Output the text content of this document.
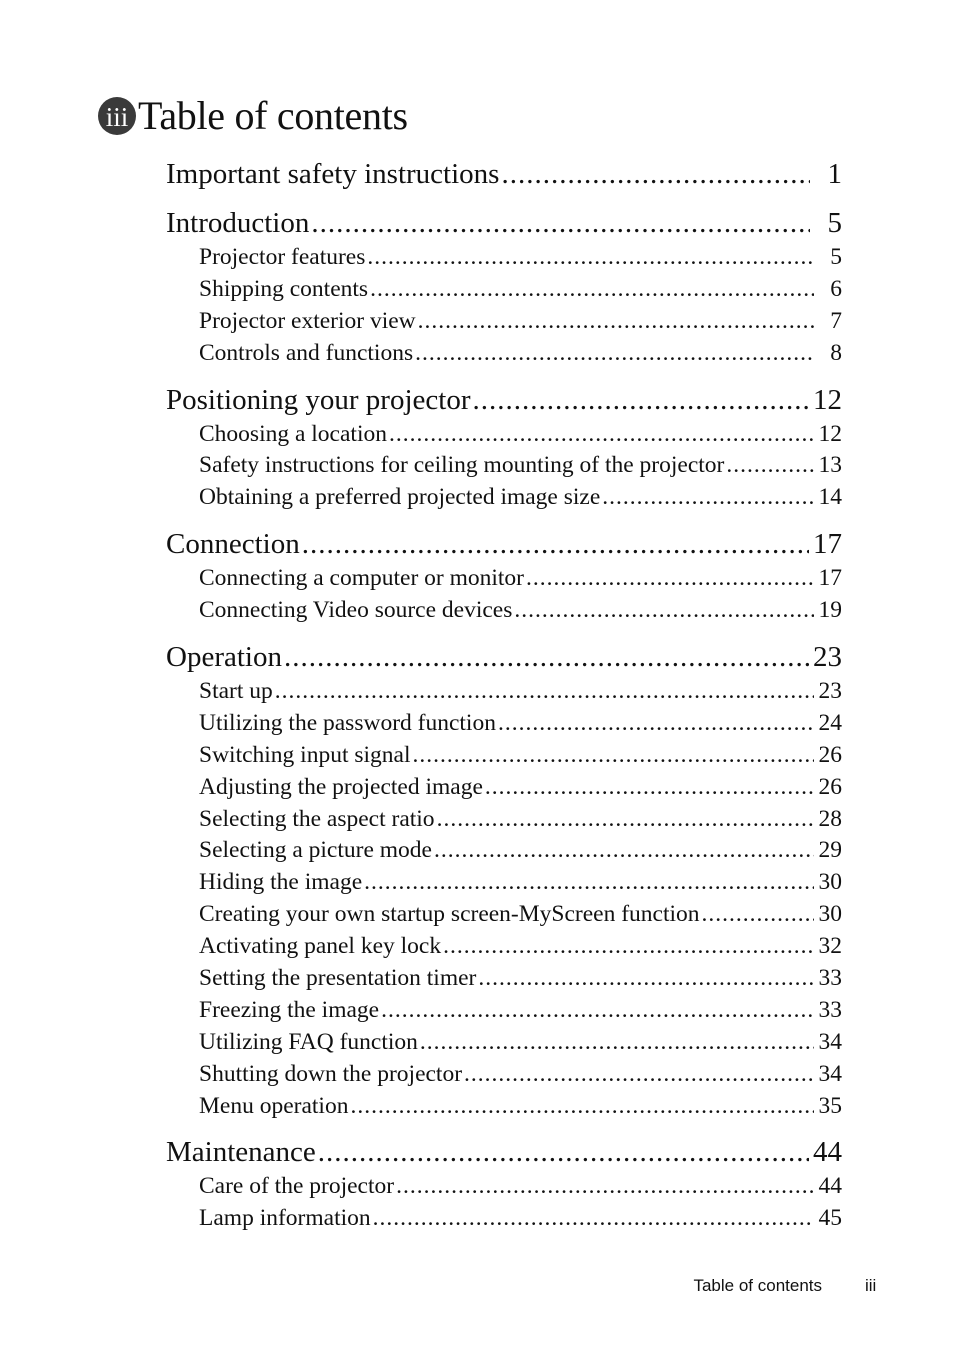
iii Table of contents
Important safety instructions .....	1
Introduction .....	5
Projector features .....	5
Shipping contents .....	6
Projector exterior view .....	7
Controls and functions .....	8
Positioning your projector .....	12
Choosing a location .....	12
Safety instructions for ceiling mounting of the projector .....	13
Obtaining a preferred projected image size .....	14
Connection .....	17
Connecting a computer or monitor .....	17
Connecting Video source devices .....	19
Operation .....	23
Start up .....	23
Utilizing the password function .....	24
Switching input signal .....	26
Adjusting the projected image .....	26
Selecting the aspect ratio .....	28
Selecting a picture mode .....	29
Hiding the image .....	30
Creating your own startup screen-MyScreen function .....	30
Activating panel key lock .....	32
Setting the presentation timer .....	33
Freezing the image .....	33
Utilizing FAQ function .....	34
Shutting down the projector .....	34
Menu operation .....	35
Maintenance .....	44
Care of the projector .....	44
Lamp information .....	45
Table of contents	iii
